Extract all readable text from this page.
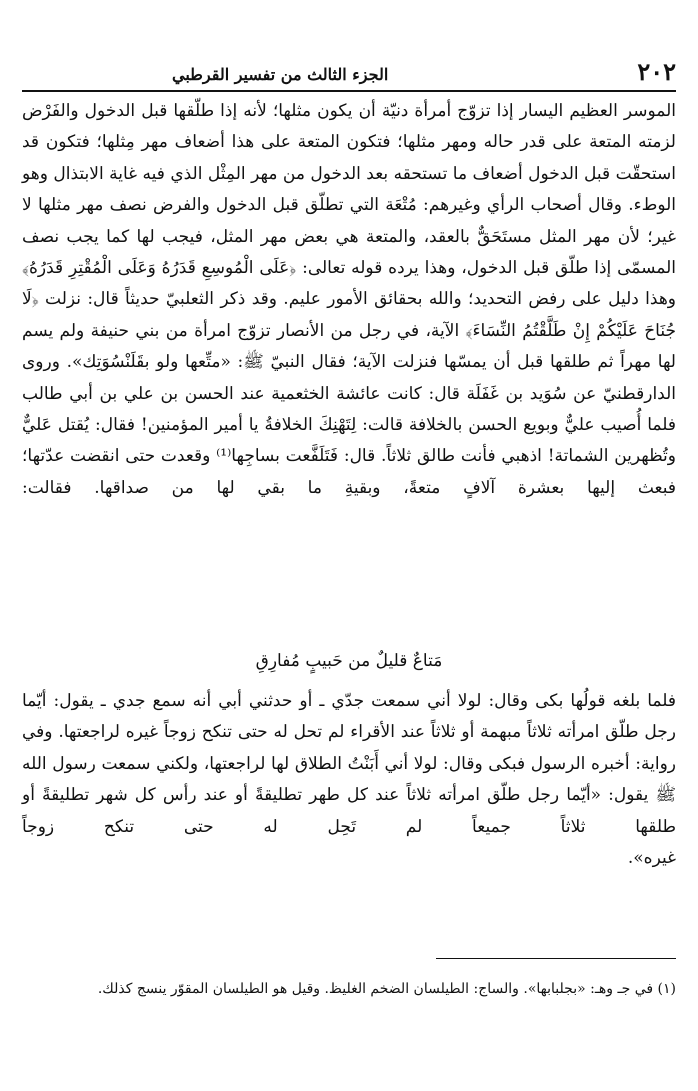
٢٠٢
الجزء الثالث من تفسير القرطبي

الموسر العظيم اليسار إذا تزوّج أمرأة دنيّة أن يكون مثلها؛ لأنه إذا طلّقها قبل الدخول والفَرْض لزمته المتعة على قدر حاله ومهر مثلها؛ فتكون المتعة على هذا أضعاف مهر مِثلها؛ فتكون قد استحقّت قبل الدخول أضعاف ما تستحقه بعد الدخول من مهر المِثْل الذي فيه غاية الابتذال وهو الوطء. وقال أصحاب الرأي وغيرهم: مُتْعَة التي تطلّق قبل الدخول والفرض نصف مهر مثلها لا غير؛ لأن مهر المثل مستَحَقٌّ بالعقد، والمتعة هي بعض مهر المثل، فيجب لها كما يجب نصف المسمّى إذا طلّق قبل الدخول، وهذا يرده قوله تعالى: ﴿عَلَى الْمُوسِعِ قَدَرُهُ وَعَلَى الْمُقْتِرِ قَدَرُهُ﴾ وهذا دليل على رفض التحديد؛ والله بحقائق الأمور عليم. وقد ذكر الثعلبيّ حديثاً قال: نزلت ﴿لَا جُنَاحَ عَلَيْكُمْ إِنْ طَلَّقْتُمُ النِّسَاءَ﴾ الآية، في رجل من الأنصار تزوّج امرأة من بني حنيفة ولم يسم لها مهراً ثم طلقها قبل أن يمسّها فنزلت الآية؛ فقال النبيّ ﷺ: «متِّعها ولو بقَلَنْسُوَتِك». وروى الدارقطنيّ عن سُوَيد بن غَفَلَة قال: كانت عائشة الخثعمية عند الحسن بن علي بن أبي طالب فلما أُصيب عليٌّ وبويع الحسن بالخلافة قالت: لِتَهْنِكَ الخلافةُ يا أمير المؤمنين! فقال: يُقتل عَليٌّ وتُظهرين الشماتة! اذهبي فأنت طالق ثلاثاً. قال: فَتَلَفَّعت بساجِها⁽¹⁾ وقعدت حتى انقضت عدّتها؛ فبعث إليها بعشرة آلافٍ متعةً، وبقيةِ ما بقي لها من صداقها. فقالت:

مَتاعٌ قليلٌ من حَبيبٍ مُفارِقِ

فلما بلغه قولُها بكى وقال: لولا أني سمعت جدّي ـ أو حدثني أبي أنه سمع جدي ـ يقول: أيّما رجل طلّق امرأته ثلاثاً مبهمة أو ثلاثاً عند الأقراء لم تحل له حتى تنكح زوجاً غيره لراجعتها. وفي رواية: أخبره الرسول فبكى وقال: لولا أني أَبَنْتُ الطلاق لها لراجعتها، ولكني سمعت رسول الله ﷺ يقول: «أيّما رجل طلّق امرأته ثلاثاً عند كل طهر تطليقةً أو عند رأس كل شهر تطليقةً أو طلقها ثلاثاً جميعاً لم تَحِل له حتى تنكح زوجاً

غيره».

(١) في جـ وهـ: «بجلبابها». والساج: الطيلسان الضخم الغليظ. وقيل هو الطيلسان المقوّر ينسج كذلك.
